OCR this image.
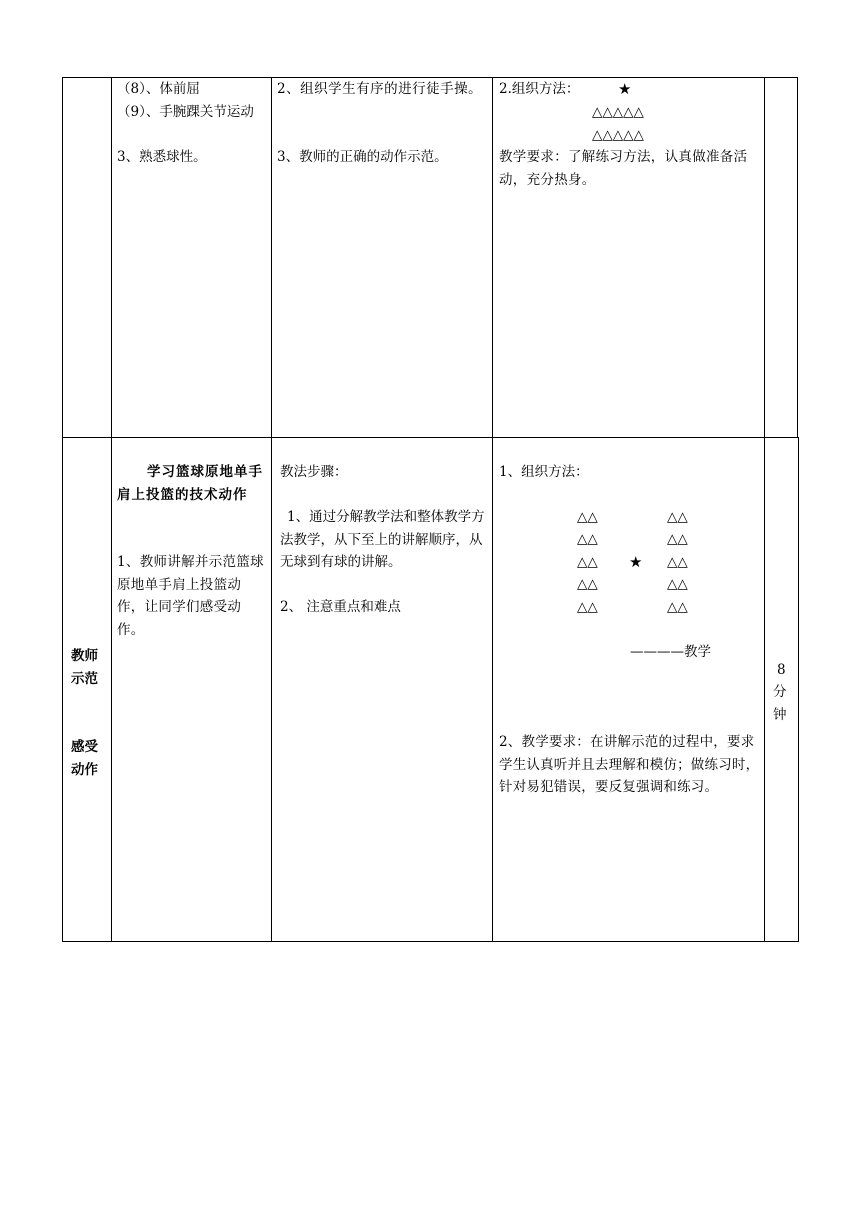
（8）、体前屈
（9）、手腕踝关节运动
3、熟悉球性。
2、组织学生有序的进行徒手操。
3、教师的正确的动作示范。
2.组织方法：	★
△△△△△
△△△△△
教学要求：了解练习方法，认真做准备活动，充分热身。
教师
示范
感受
动作
学习篮球原地单手肩上投篮的技术动作
1、教师讲解并示范篮球原地单手肩上投篮动作，让同学们感受动作。
教法步骤：
1、通过分解教学法和整体教学方法教学，从下至上的讲解顺序，从无球到有球的讲解。
2、 注意重点和难点
1、组织方法：
△△
△△
△△
△△
△△
★
△△
△△
△△
△△
△△
————教学
2、教学要求：在讲解示范的过程中，要求学生认真听并且去理解和模仿；做练习时，针对易犯错误，要反复强调和练习。
8
分
钟
